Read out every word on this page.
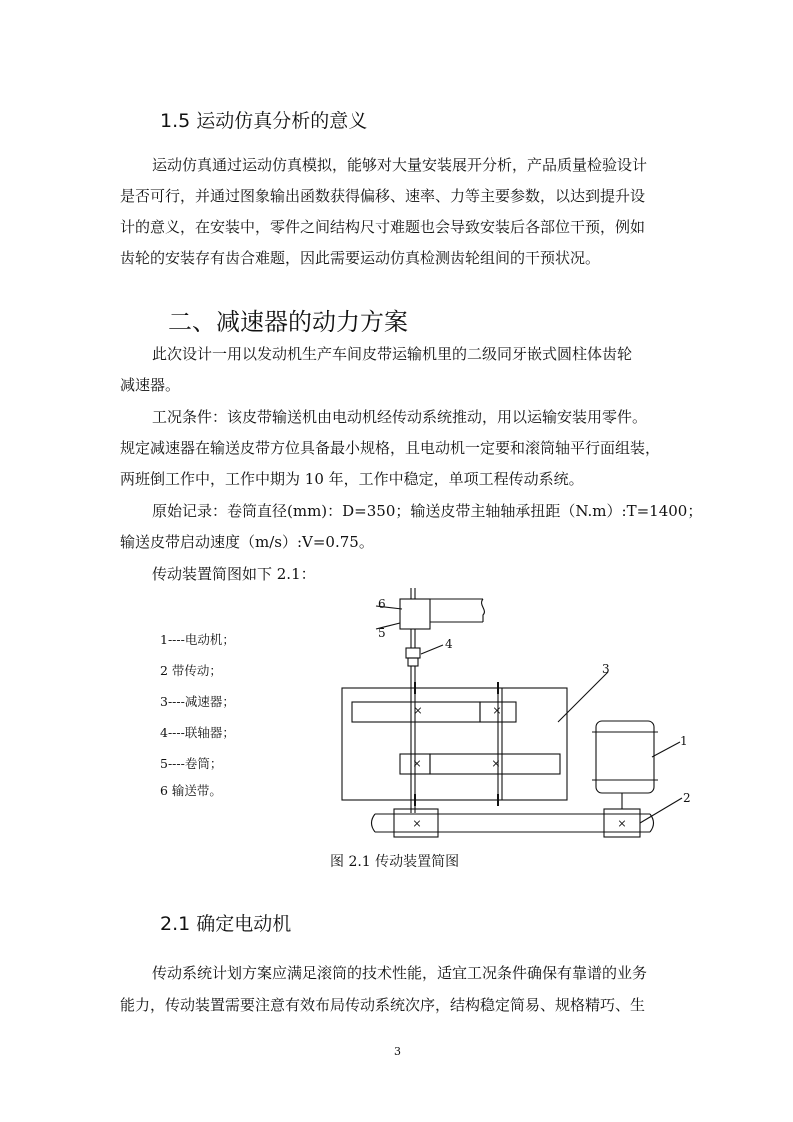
1.5 运动仿真分析的意义
运动仿真通过运动仿真模拟，能够对大量安装展开分析，产品质量检验设计
是否可行，并通过图象输出函数获得偏移、速率、力等主要参数，以达到提升设
计的意义，在安装中，零件之间结构尺寸难题也会导致安装后各部位干预，例如
齿轮的安装存有齿合难题，因此需要运动仿真检测齿轮组间的干预状况。
二、减速器的动力方案
此次设计一用以发动机生产车间皮带运输机里的二级同牙嵌式圆柱体齿轮
减速器。
工况条件：该皮带输送机由电动机经传动系统推动，用以运输安装用零件。
规定减速器在输送皮带方位具备最小规格，且电动机一定要和滚筒轴平行面组装，
两班倒工作中，工作中期为 10 年，工作中稳定，单项工程传动系统。
原始记录：卷筒直径(mm)：D=350；输送皮带主轴轴承扭距（N.m）:T=1400；
输送皮带启动速度（m/s）:V=0.75。
传动装置简图如下 2.1：
1----电动机；
2 带传动；
3----减速器；
4----联轴器；
5----卷筒；
6 输送带。
×	×
×	×
×	×
6
5
4
3
1
2
图 2.1 传动装置简图
2.1 确定电动机
传动系统计划方案应满足滚筒的技术性能，适宜工况条件确保有靠谱的业务
能力，传动装置需要注意有效布局传动系统次序，结构稳定简易、规格精巧、生
3
